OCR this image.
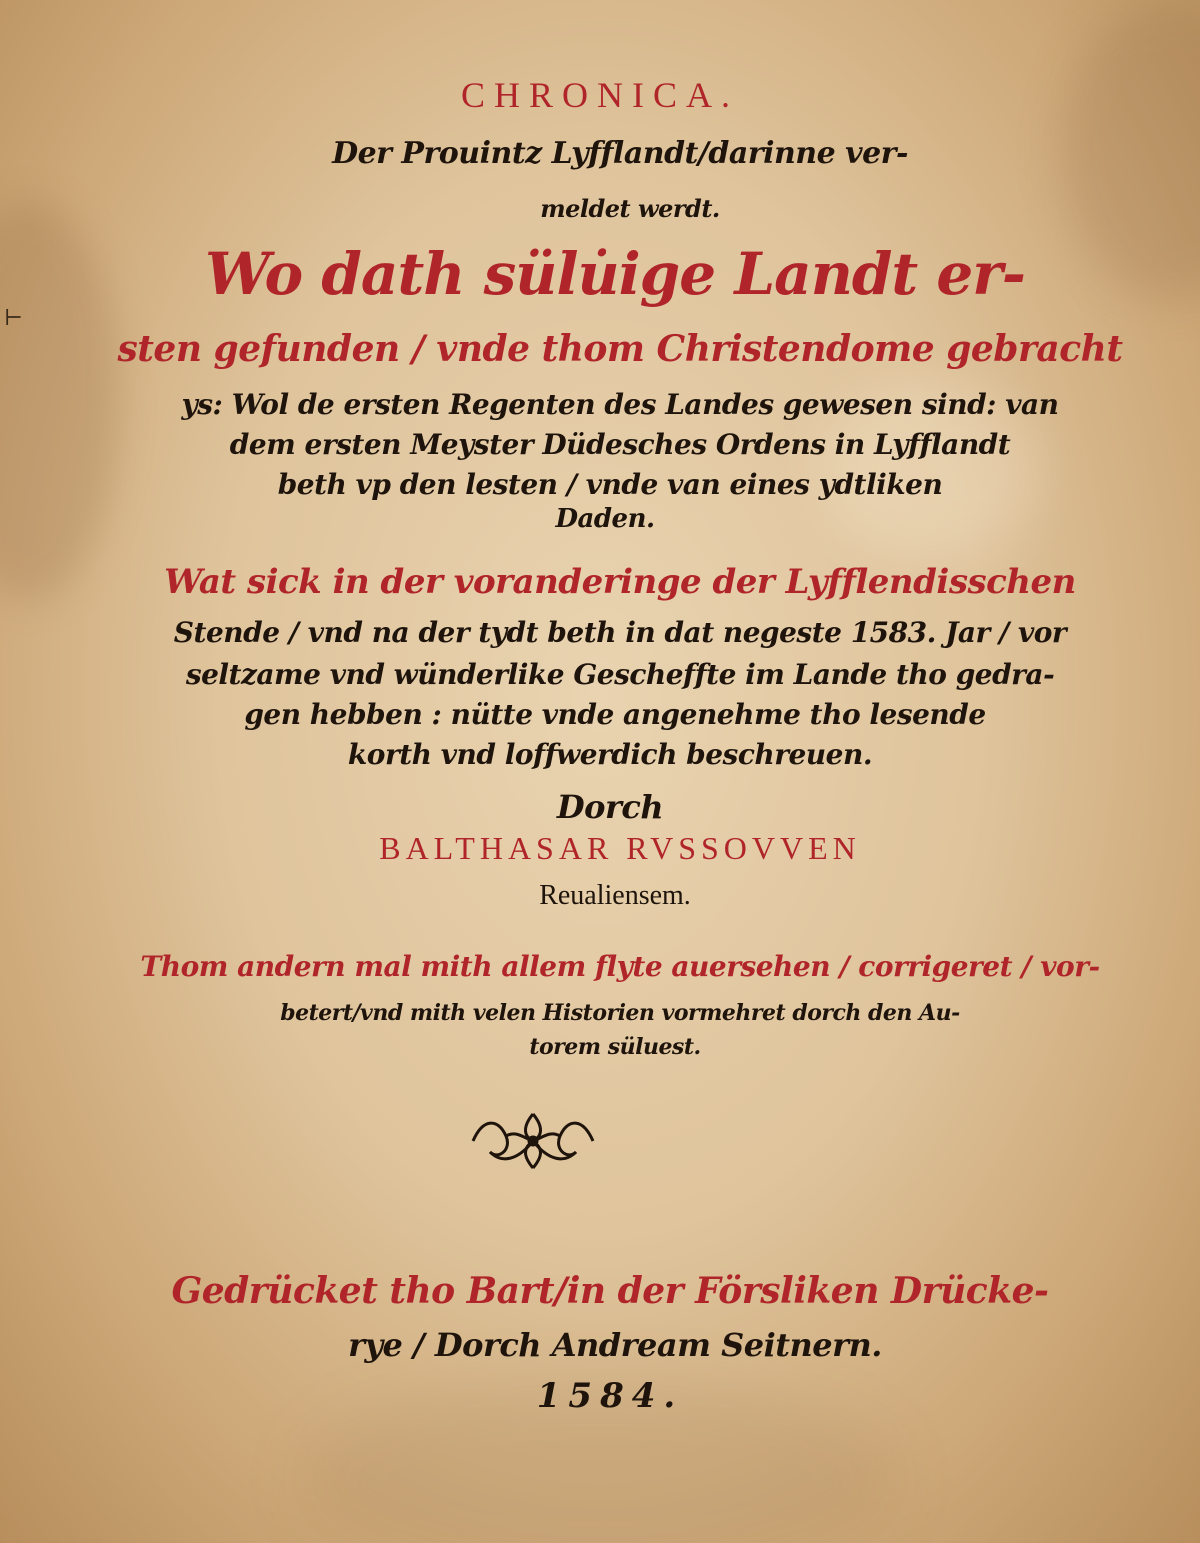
CHRONICA.
Der Prouintz Lyfflandt/darinne ver-
meldet werdt.
Wo dath sülu̇ige Landt er-
sten gefunden / vnde thom Christendome gebracht
ys: Wol de ersten Regenten des Landes gewesen sind: van
dem ersten Meyster Düdesches Ordens in Lyfflandt
beth vp den lesten / vnde van eines ydtliken
Daden.
Wat sick in der voranderinge der Lyfflendisschen
Stende / vnd na der tydt beth in dat negeste 1583. Jar / vor
seltzame vnd wünderlike Gescheffte im Lande tho gedra-
gen hebben : nütte vnde angenehme tho lesende
korth vnd loffwerdich beschreuen.
Dorch
BALTHASAR RVSSOVVEN
Reualiensem.
Thom andern mal mith allem flyte auersehen / corrigeret / vor-
betert/vnd mith velen Historien vormehret dorch den Au-
torem süluest.
Gedrücket tho Bart/in der Försliken Drücke-
rye / Dorch Andream Seitnern.
1584.
⊢
